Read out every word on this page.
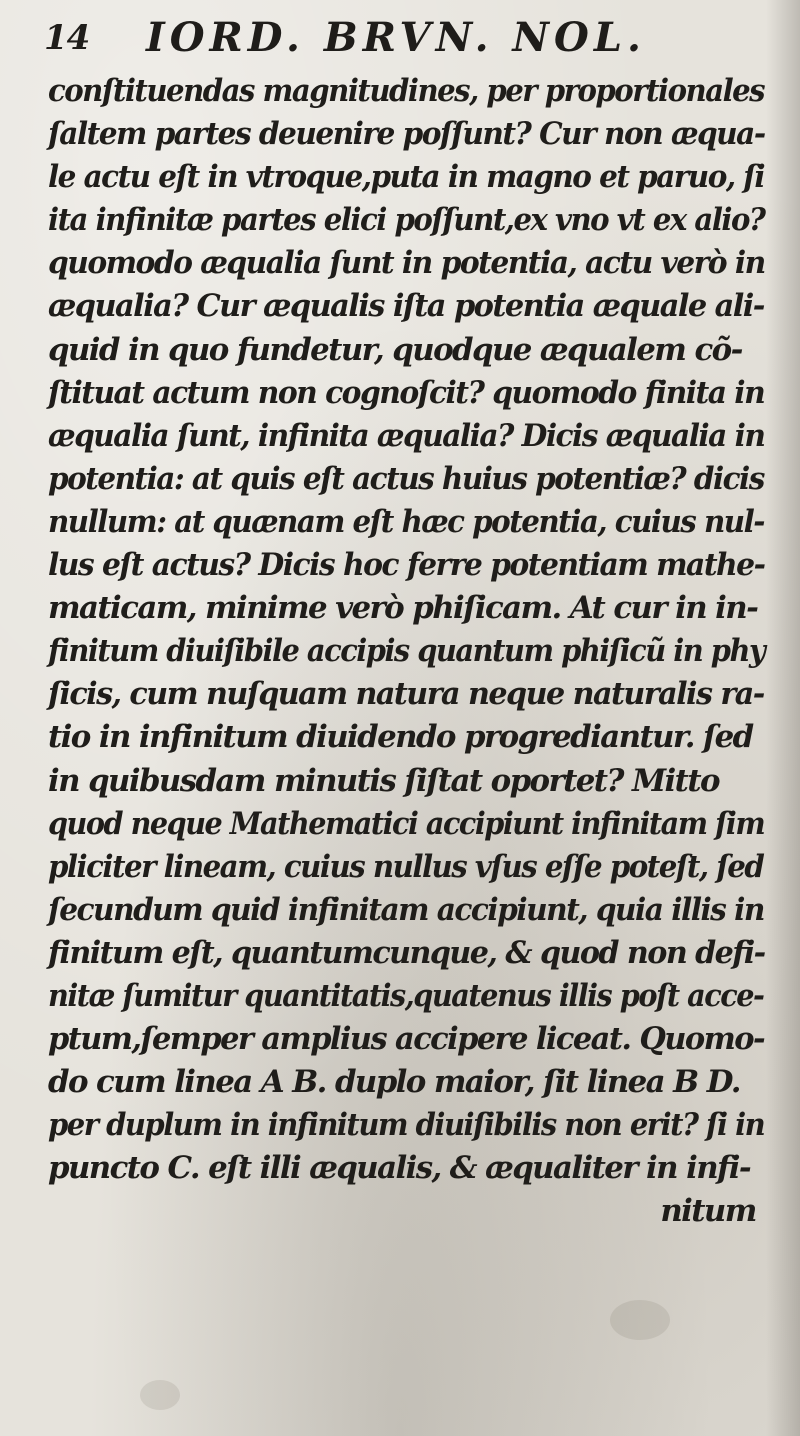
14 IORD. BRVN. NOL.
conſtituendas magnitudines, per proportionales
ſaltem partes deuenire poſſunt? Cur non æqua-
le actu eſt in vtroque,puta in magno et paruo, ſi
ita infinitæ partes elici poſſunt,ex vno vt ex alio?
quomodo æqualia ſunt in potentia, actu verò in
æqualia? Cur æqualis iſta potentia æquale ali-
quid in quo fundetur, quodque æqualem cõ-
ſtituat actum non cognoſcit? quomodo finita in
æqualia ſunt, infinita æqualia? Dicis æqualia in
potentia: at quis eſt actus huius potentiæ? dicis
nullum: at quænam eſt hæc potentia, cuius nul-
lus eſt actus? Dicis hoc ferre potentiam mathe-
maticam, minime verò phiſicam. At cur in in-
finitum diuiſibile accipis quantum phiſicũ in phy
ſicis, cum nuſquam natura neque naturalis ra-
tio in infinitum diuidendo progrediantur. ſed
in quibusdam minutis ſiſtat oportet? Mitto
quod neque Mathematici accipiunt infinitam ſim
pliciter lineam, cuius nullus vſus eſſe poteſt, ſed
ſecundum quid infinitam accipiunt, quia illis in
finitum eſt, quantumcunque, & quod non defi-
nitæ ſumitur quantitatis,quatenus illis poſt acce-
ptum,ſemper amplius accipere liceat. Quomo-
do cum linea A B. duplo maior, ſit linea B D.
per duplum in infinitum diuiſibilis non erit? ſi in
puncto C. eſt illi æqualis, & æqualiter in infi-
nitum
